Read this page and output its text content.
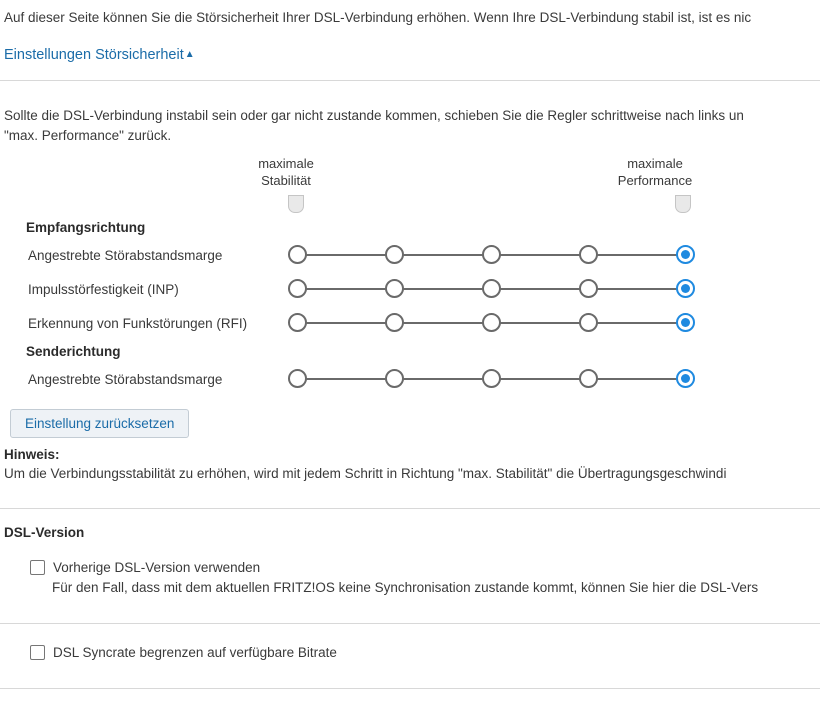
Auf dieser Seite können Sie die Störsicherheit Ihrer DSL-Verbindung erhöhen. Wenn Ihre DSL-Verbindung stabil ist, ist es nic
Einstellungen Störsicherheit▲
Sollte die DSL-Verbindung instabil sein oder gar nicht zustande kommen, schieben Sie die Regler schrittweise nach links un
"max. Performance" zurück.
maximale
Stabilität
maximale
Performance
Empfangsrichtung
Angestrebte Störabstandsmarge
Impulsstörfestigkeit (INP)
Erkennung von Funkstörungen (RFI)
Senderichtung
Angestrebte Störabstandsmarge
Einstellung zurücksetzen
Hinweis:
Um die Verbindungsstabilität zu erhöhen, wird mit jedem Schritt in Richtung "max. Stabilität" die Übertragungsgeschwindi
DSL-Version
Vorherige DSL-Version verwenden
Für den Fall, dass mit dem aktuellen FRITZ!OS keine Synchronisation zustande kommt, können Sie hier die DSL-Vers
DSL Syncrate begrenzen auf verfügbare Bitrate
